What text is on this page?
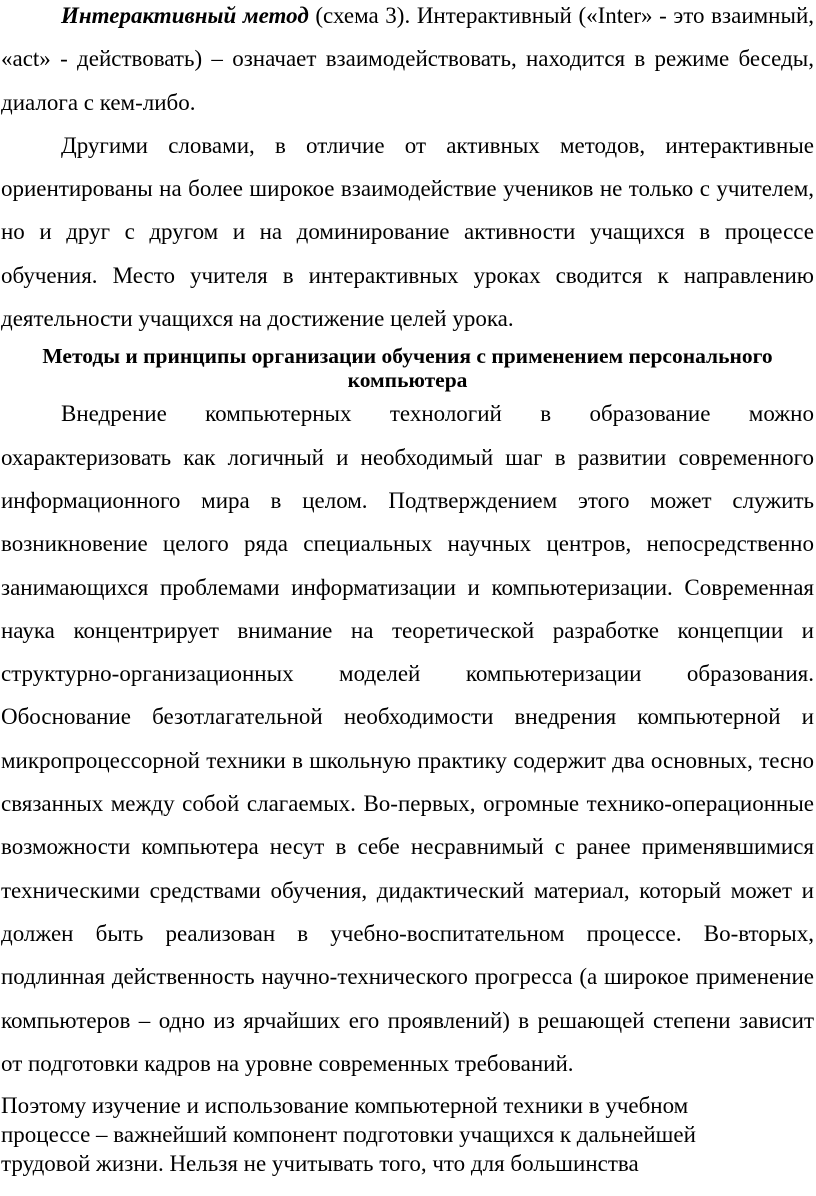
Интерактивный метод (схема 3). Интерактивный («Inter» - это взаимный, «act» - действовать) – означает взаимодействовать, находится в режиме беседы, диалога с кем-либо.

Другими словами, в отличие от активных методов, интерактивные ориентированы на более широкое взаимодействие учеников не только с учителем, но и друг с другом и на доминирование активности учащихся в процессе обучения. Место учителя в интерактивных уроках сводится к направлению деятельности учащихся на достижение целей урока.

Методы и принципы организации обучения с применением персонального компьютера

Внедрение компьютерных технологий в образование можно охарактеризовать как логичный и необходимый шаг в развитии современного информационного мира в целом. Подтверждением этого может служить возникновение целого ряда специальных научных центров, непосредственно занимающихся проблемами информатизации и компьютеризации. Современная наука концентрирует внимание на теоретической разработке концепции и структурно-организационных моделей компьютеризации образования. Обоснование безотлагательной необходимости внедрения компьютерной и микропроцессорной техники в школьную практику содержит два основных, тесно связанных между собой слагаемых. Во-первых, огромные технико-операционные возможности компьютера несут в себе несравнимый с ранее применявшимися техническими средствами обучения, дидактический материал, который может и должен быть реализован в учебно-воспитательном процессе. Во-вторых, подлинная действенность научно-технического прогресса (а широкое применение компьютеров – одно из ярчайших его проявлений) в решающей степени зависит от подготовки кадров на уровне современных требований.

Поэтому изучение и использование компьютерной техники в учебном процессе – важнейший компонент подготовки учащихся к дальнейшей трудовой жизни. Нельзя не учитывать того, что для большинства
